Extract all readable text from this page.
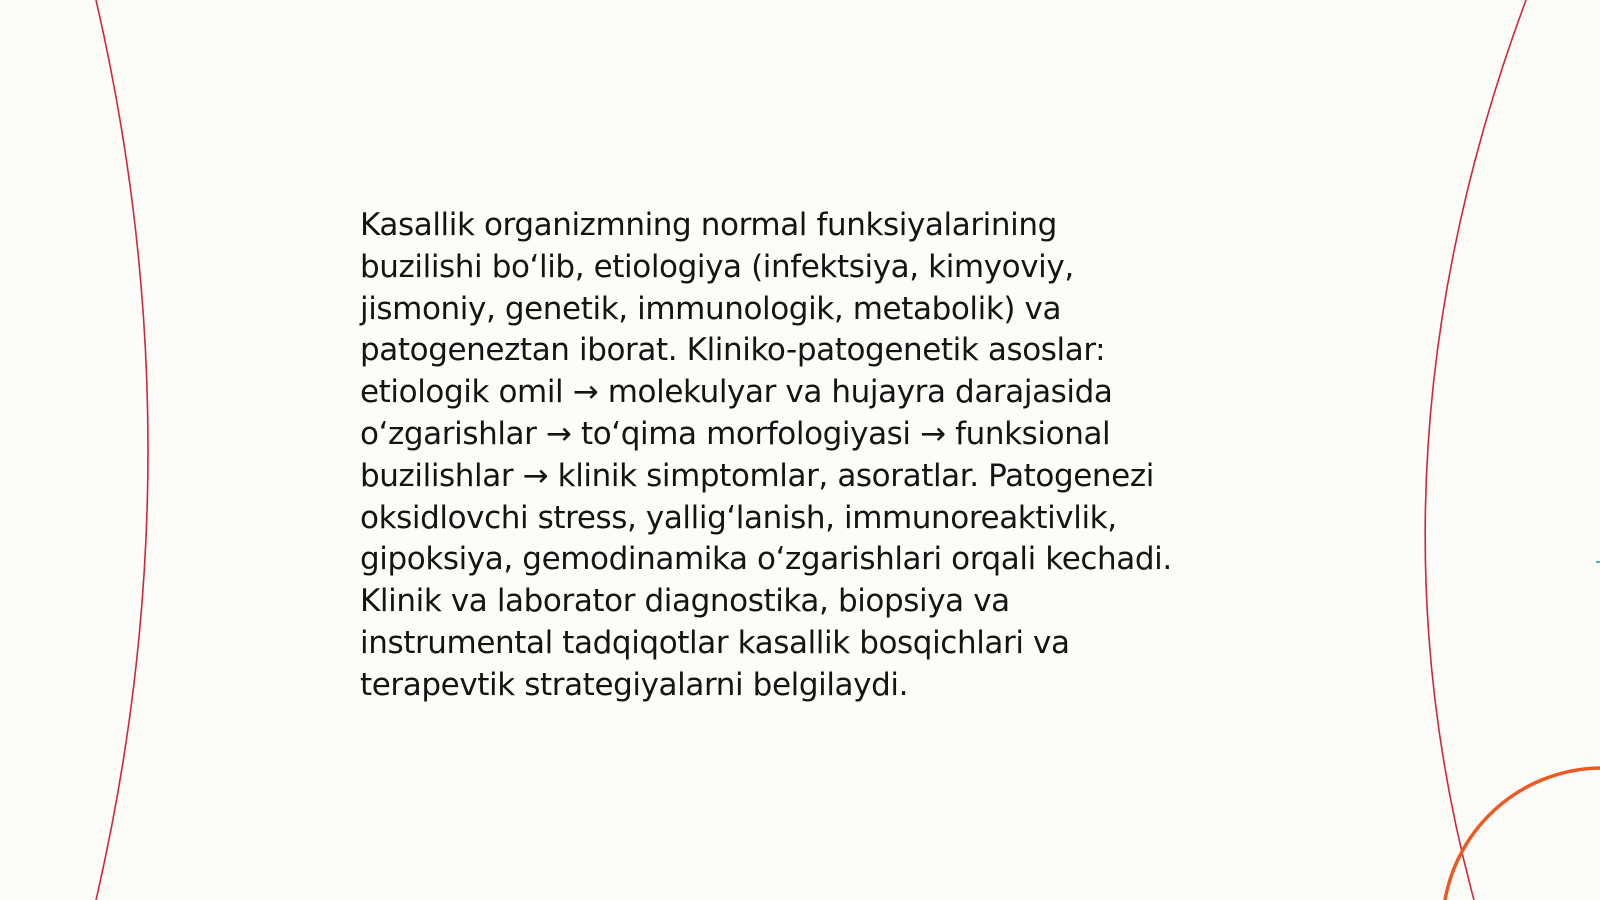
Kasallik organizmning normal funksiyalarining
buzilishi bo‘lib, etiologiya (infektsiya, kimyoviy,
jismoniy, genetik, immunologik, metabolik) va
patogeneztan iborat. Kliniko-patogenetik asoslar:
etiologik omil → molekulyar va hujayra darajasida
o‘zgarishlar → to‘qima morfologiyasi → funksional
buzilishlar → klinik simptomlar, asoratlar. Patogenezi
oksidlovchi stress, yallig‘lanish, immunoreaktivlik,
gipoksiya, gemodinamika o‘zgarishlari orqali kechadi.
Klinik va laborator diagnostika, biopsiya va
instrumental tadqiqotlar kasallik bosqichlari va
terapevtik strategiyalarni belgilaydi.
